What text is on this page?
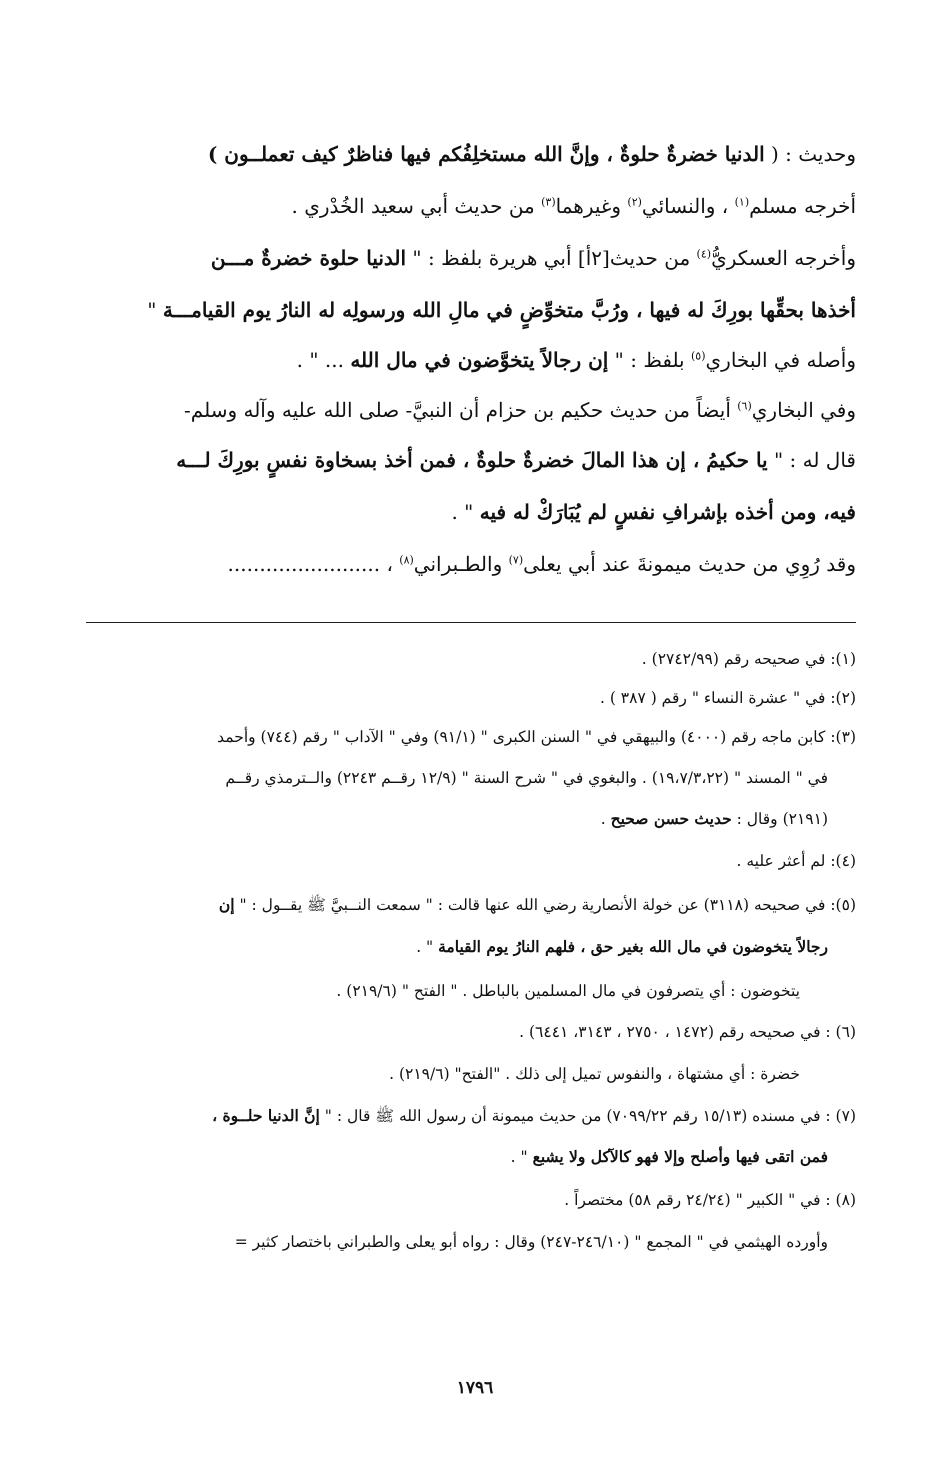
وحديث : ( الدنيا خضرةٌ حلوةٌ ، وإنَّ الله مستخلِفُكم فيها فناظرٌ كيف تعملــون )
أخرجه مسلم$^{(١)}$ ، والنسائي$^{(٢)}$ وغيرهما$^{(٣)}$ من حديث أبي سعيد الخُدْري .
وأخرجه العسكريُّ$^{(٤)}$ من حديث[٢أ] أبي هريرة بلفظ : " الدنيا حلوة خضرةٌ مـــن
أخذها بحقِّها بورِكَ له فيها ، ورُبَّ متخوِّضٍ في مالِ الله ورسولِه له النارُ يوم القيامـــة "
وأصله في البخاري$^{(٥)}$ بلفظ : " إن رجالاً يتخوَّضون في مال الله ... " .
وفي البخاري$^{(٦)}$ أيضاً من حديث حكيم بن حزام أن النبيَّ- صلى الله عليه وآله وسلم-
قال له : " يا حكيمُ ، إن هذا المالَ خضرةٌ حلوةٌ ، فمن أخذ بسخاوة نفسٍ بورِكَ لـــه
فيه، ومن أخذه بإشرافِ نفسٍ لم يُبَارَكْ له فيه " .
وقد رُوِي من حديث ميمونةَ عند أبي يعلى$^{(٧)}$ والطـبراني$^{(٨)}$ ، ........................
(١): في صحيحه رقم (٢٧٤٢/٩٩) .
(٢): في " عشرة النساء " رقم ( ٣٨٧ ) .
(٣): كابن ماجه رقم (٤٠٠٠) والبيهقي في " السنن الكبرى " (٩١/١) وفي " الآداب " رقم (٧٤٤) وأحمد
في " المسند " (١٩،٧/٣،٢٢) . والبغوي في " شرح السنة " (١٢/٩ رقــم ٢٢٤٣) والــترمذي رقــم
(٢١٩١) وقال : حديث حسن صحيح .
(٤): لم أعثر عليه .
(٥): في صحيحه (٣١١٨) عن خولة الأنصارية رضي الله عنها قالت : " سمعت النــبيَّ ﷺ يقــول : " إن
رجالاً يتخوضون في مال الله بغير حق ، فلهم النارُ يوم القيامة " .
يتخوضون : أي يتصرفون في مال المسلمين بالباطل . " الفتح " (٢١٩/٦) .
(٦) : في صحيحه رقم (١٤٧٢ ، ٢٧٥٠ ، ٣١٤٣، ٦٤٤١) .
خضرة : أي مشتهاة ، والنفوس تميل إلى ذلك . "الفتح" (٢١٩/٦) .
(٧) : في مسنده (١٥/١٣ رقم ٧٠٩٩/٢٢) من حديث ميمونة أن رسول الله ﷺ قال : " إنَّ الدنيا حلــوة ،
فمن اتقى فيها وأصلح وإلا فهو كالآكل ولا يشبع " .
(٨) : في " الكبير " (٢٤/٢٤ رقم ٥٨) مختصراً .
وأورده الهيثمي في " المجمع " (٢٤٦/١٠-٢٤٧) وقال : رواه أبو يعلى والطبراني باختصار كثير =
١٧٩٦
